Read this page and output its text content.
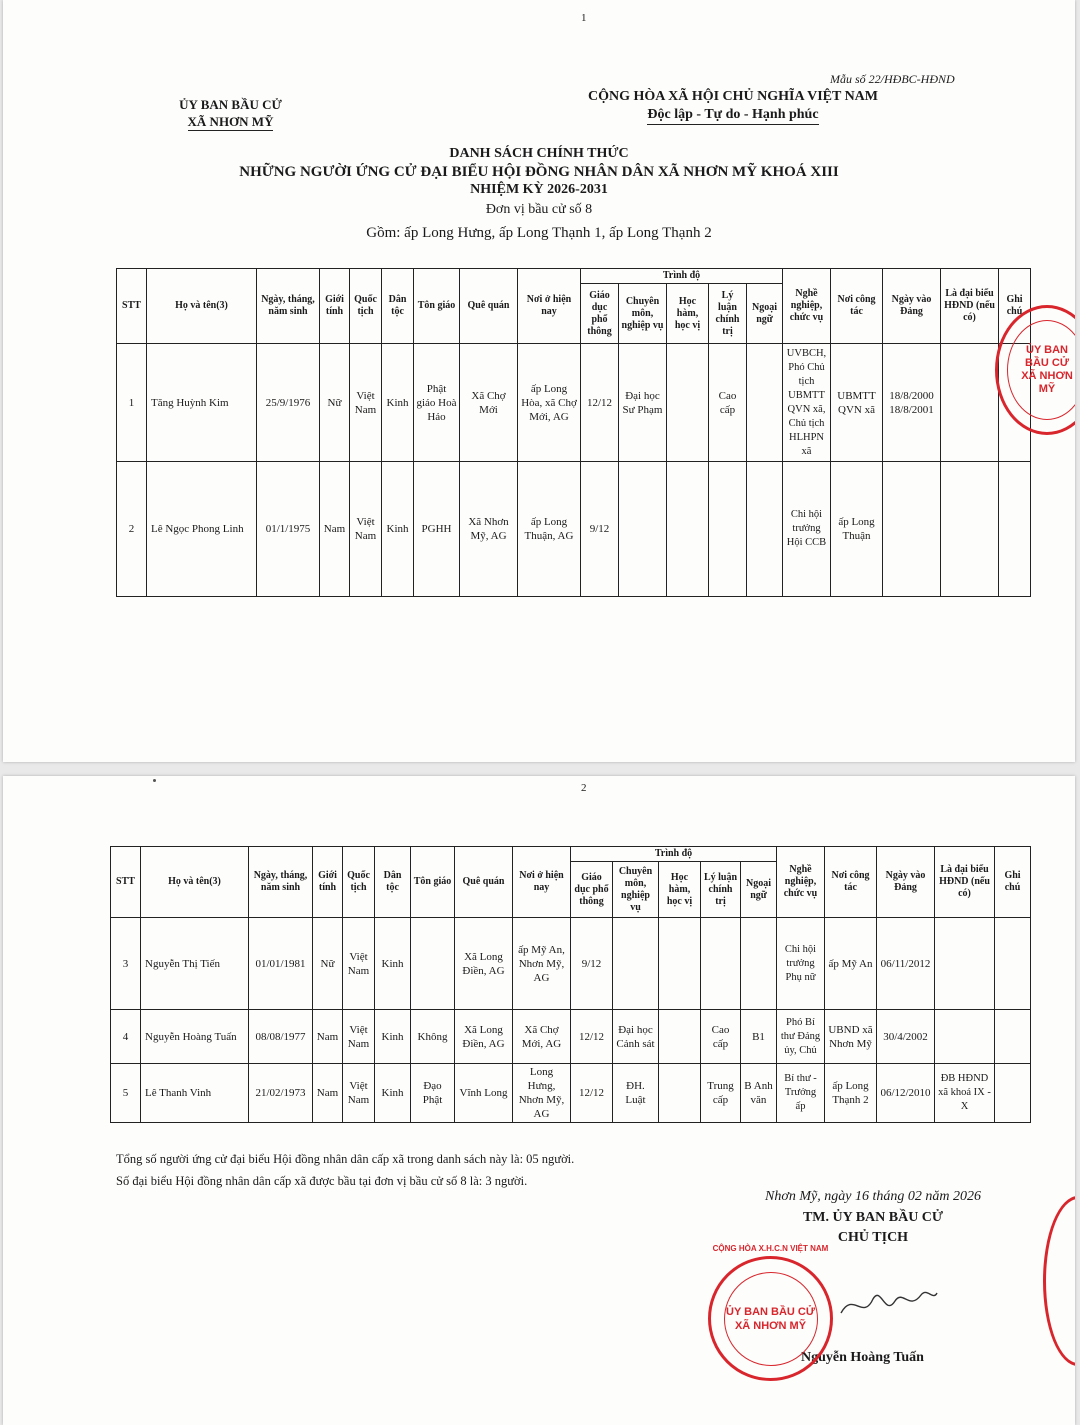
1
Mẫu số 22/HĐBC-HĐND
ỦY BAN BẦU CỬ
XÃ NHƠN MỸ
CỘNG HÒA XÃ HỘI CHỦ NGHĨA VIỆT NAM
Độc lập - Tự do - Hạnh phúc
DANH SÁCH CHÍNH THỨC
NHỮNG NGƯỜI ỨNG CỬ ĐẠI BIỂU HỘI ĐỒNG NHÂN DÂN XÃ NHƠN MỸ KHOÁ XIII
NHIỆM KỲ 2026-2031
Đơn vị bầu cử số 8
Gồm: ấp Long Hưng, ấp Long Thạnh 1, ấp Long Thạnh 2
STT	Họ và tên(3)	Ngày, tháng, năm sinh	Giới tính	Quốc tịch	Dân tộc	Tôn giáo	Quê quán	Nơi ở hiện nay	Trình độ					Nghề nghiệp, chức vụ	Nơi công tác	Ngày vào Đảng	Là đại biểu HĐND (nếu có)	Ghi chú
									Giáo dục phổ thông	Chuyên môn, nghiệp vụ	Học hàm, học vị	Lý luận chính trị	Ngoại ngữ					
1	Tăng Huỳnh Kim	25/9/1976	Nữ	Việt Nam	Kinh	Phật giáo Hoà Hảo	Xã Chợ Mới	ấp Long Hòa, xã Chợ Mới, AG	12/12	Đại học Sư Phạm		Cao cấp		UVBCH, Phó Chủ tịch UBMTT QVN xã, Chủ tịch HLHPN xã	UBMTT QVN xã	18/8/2000 18/8/2001		
2	Lê Ngọc Phong Linh	01/1/1975	Nam	Việt Nam	Kinh	PGHH	Xã Nhơn Mỹ, AG	ấp Long Thuận, AG	9/12					Chi hội trưởng Hội CCB	ấp Long Thuận			
ỦY BAN BẦU CỬ XÃ NHƠN MỸ
2
STT	Họ và tên(3)	Ngày, tháng, năm sinh	Giới tính	Quốc tịch	Dân tộc	Tôn giáo	Quê quán	Nơi ở hiện nay	Trình độ					Nghề nghiệp, chức vụ	Nơi công tác	Ngày vào Đảng	Là đại biểu HĐND (nếu có)	Ghi chú
									Giáo dục phổ thông	Chuyên môn, nghiệp vụ	Học hàm, học vị	Lý luận chính trị	Ngoại ngữ					
3	Nguyễn Thị Tiến	01/01/1981	Nữ	Việt Nam	Kinh		Xã Long Điền, AG	ấp Mỹ An, Nhơn Mỹ, AG	9/12					Chi hội trưởng Phụ nữ	ấp Mỹ An	06/11/2012		
4	Nguyễn Hoàng Tuấn	08/08/1977	Nam	Việt Nam	Kinh	Không	Xã Long Điền, AG	Xã Chợ Mới, AG	12/12	Đại học Cảnh sát		Cao cấp	B1	Phó Bí thư Đảng ủy, Chủ	UBND xã Nhơn Mỹ	30/4/2002		
5	Lê Thanh Vinh	21/02/1973	Nam	Việt Nam	Kinh	Đạo Phật	Vĩnh Long	Long Hưng, Nhơn Mỹ, AG	12/12	ĐH. Luật		Trung cấp	B Anh văn	Bí thư - Trưởng ấp	ấp Long Thạnh 2	06/12/2010	ĐB HĐND xã khoá IX - X	
Tổng số người ứng cử đại biểu Hội đồng nhân dân cấp xã trong danh sách này là: 05 người.
Số đại biểu Hội đồng nhân dân cấp xã được bầu tại đơn vị bầu cử số 8 là: 3 người.
Nhơn Mỹ, ngày 16 tháng 02 năm 2026
TM. ỦY BAN BẦU CỬ
CHỦ TỊCH
Nguyễn Hoàng Tuấn
ỦY BAN BẦU CỬ
XÃ NHƠN MỸ
CỘNG HÒA X.H.C.N VIỆT NAM
